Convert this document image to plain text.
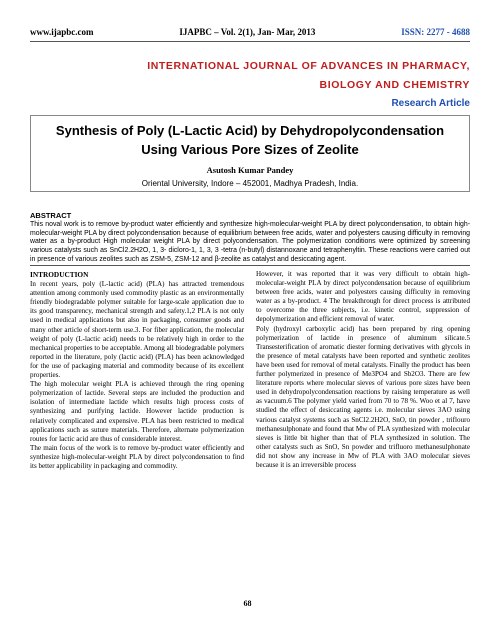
www.ijapbc.com	IJAPBC – Vol. 2(1), Jan- Mar, 2013	ISSN: 2277 - 4688
INTERNATIONAL JOURNAL OF ADVANCES IN PHARMACY,
BIOLOGY AND CHEMISTRY
Research Article
Synthesis of Poly (L-Lactic Acid) by Dehydropolycondensation
Using Various Pore Sizes of Zeolite
Asutosh Kumar Pandey
Oriental University, Indore – 452001, Madhya Pradesh, India.
ABSTRACT
This noval work is to remove by-product water efficiently and synthesize high-molecular-weight PLA by direct polycondensation, to obtain high-molecular-weight PLA by direct polycondensation because of equilibrium between free acids, water and polyesters causing difficulty in removing water as a by-product High molecular weight PLA by direct polycondensation. The polymerization conditions were optimized by screening various catalysts such as SnCl2.2H2O, 1, 3- dicloro-1, 1, 3, 3 -tetra (n-butyl) distannoxane and tetraphenyltin. These reactions were carried out in presence of various zeolites such as ZSM-5, ZSM-12 and β-zeolite as catalyst and desiccating agent.
INTRODUCTION

In recent years, poly (L-lactic acid) (PLA) has attracted tremendous attention among commonly used commodity plastic as an environmentally friendly biodegradable polymer suitable for large-scale application due to its good transparency, mechanical strength and safety.1,2 PLA is not only used in medical applications but also in packaging, consumer goods and many other article of short-term use.3. For fiber application, the molecular weight of poly (L-lactic acid) needs to be relatively high in order to the mechanical properties to be acceptable. Among all biodegradable polymers reported in the literature, poly (lactic acid) (PLA) has been acknowledged for the use of packaging material and commodity because of its excellent properties.

The high molecular weight PLA is achieved through the ring opening polymerization of lactide. Several steps are included the production and isolation of intermediate lactide which results high process costs of synthesizing and purifying lactide. However lactide production is relatively complicated and expensive. PLA has been restricted to medical applications such as suture materials. Therefore, alternate polymerization routes for lactic acid are thus of considerable interest.

The main focus of the work is to remove by-product water efficiently and synthesize high-molecular-weight PLA by direct polycondensation to find its better applicability in packaging and commodity.

However, it was reported that it was very difficult to obtain high-molecular-weight PLA by direct polycondensation because of equilibrium between free acids, water and polyesters causing difficulty in removing water as a by-product. 4 The breakthrough for direct process is attributed to overcome the three subjects, i.e. kinetic control, suppression of depolymerization and efficient removal of water.

Poly (hydroxyl carboxylic acid) has been prepared by ring opening polymerization of lactide in presence of aluminum silicate.5 Transesterification of aromatic diester forming derivatives with glycols in the presence of metal catalysts have been reported and synthetic zeolites have been used for removal of metal catalysts. Finally the product has been further polymerized in presence of Me3PO4 and Sb2O3. There are few literature reports where molecular sieves of various pore sizes have been used in dehydropolycondensation reactions by raising temperature as well as vacuum.6 The polymer yield varied from 70 to 78 %. Woo et al 7, have studied the effect of desiccating agents i.e. molecular sieves 3AO using various catalyst systems such as SnCl2.2H2O, SnO, tin powder , triflouro methanesulphonate and found that Mw of PLA synthesized with molecular sieves is little bit higher than that of PLA synthesized in solution. The other catalysts such as SnO, Sn powder and trifluoro methanesulphonate did not show any increase in Mw of PLA with 3AO molecular sieves because it is an irreversible process

68
